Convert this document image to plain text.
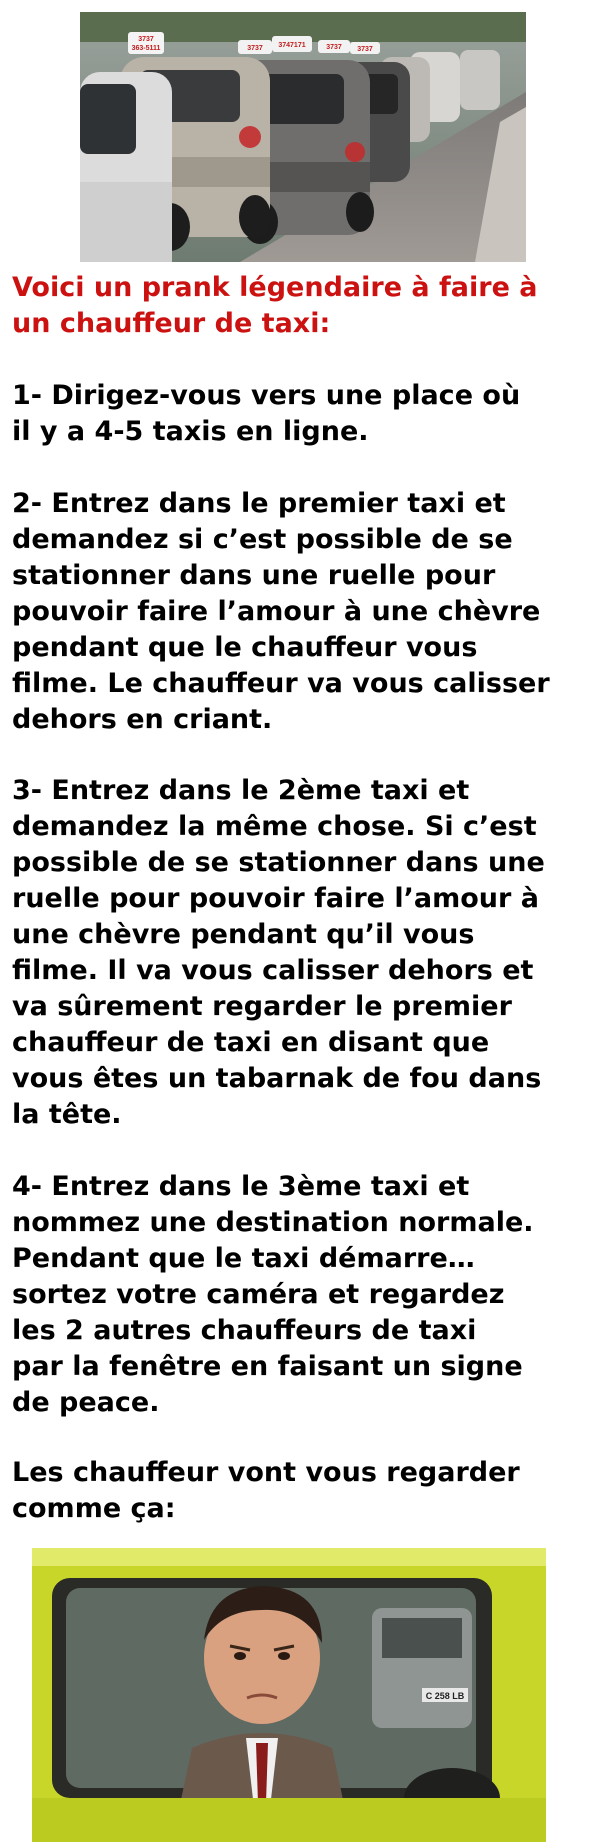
3737
363-5111	3737 3747171	3737 3737

Voici un prank légendaire à faire à
un chauffeur de taxi:

1- Dirigez-vous vers une place où
il y a 4-5 taxis en ligne.

2- Entrez dans le premier taxi et
demandez si c’est possible de se
stationner dans une ruelle pour
pouvoir faire l’amour à une chèvre
pendant que le chauffeur vous
filme. Le chauffeur va vous calisser
dehors en criant.

3- Entrez dans le 2ème taxi et
demandez la même chose. Si c’est
possible de se stationner dans une
ruelle pour pouvoir faire l’amour à
une chèvre pendant qu’il vous
filme. Il va vous calisser dehors et
va sûrement regarder le premier
chauffeur de taxi en disant que
vous êtes un tabarnak de fou dans
la tête.

4- Entrez dans le 3ème taxi et
nommez une destination normale.
Pendant que le taxi démarre…
sortez votre caméra et regardez
les 2 autres chauffeurs de taxi
par la fenêtre en faisant un signe
de peace.

Les chauffeur vont vous regarder
comme ça:

C 258 LB
